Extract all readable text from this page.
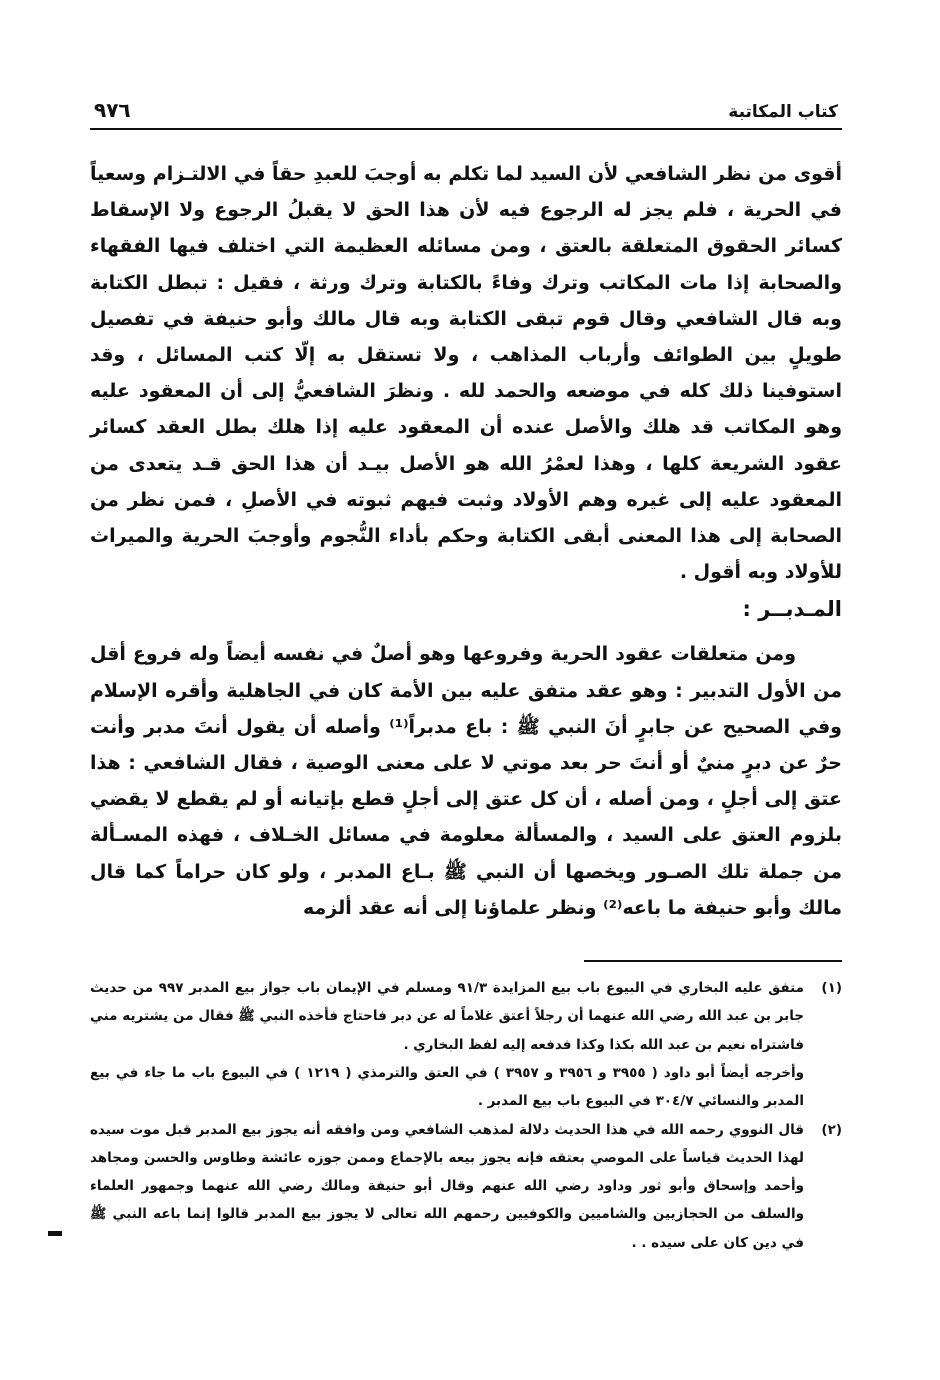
كتاب المكاتبة
٩٧٦

أقوى من نظر الشافعي لأن السيد لما تكلم به أوجبَ للعبدِ حقاً في الالتـزام وسعياً في الحرية ، فلم يجز له الرجوع فيه لأن هذا الحق لا يقبلُ الرجوع ولا الإسقاط كسائر الحقوق المتعلقة بالعتق ، ومن مسائله العظيمة التي اختلف فيها الفقهاء والصحابة إذا مات المكاتب وترك وفاءً بالكتابة وترك ورثة ، فقيل : تبطل الكتابة وبه قال الشافعي وقال قوم تبقى الكتابة وبه قال مالك وأبو حنيفة في تفصيل طويلٍ بين الطوائف وأرباب المذاهب ، ولا تستقل به إلّا كتب المسائل ، وقد استوفينا ذلك كله في موضعه والحمد لله . ونظرَ الشافعيُّ إلى أن المعقود عليه وهو المكاتب قد هلك والأصل عنده أن المعقود عليه إذا هلك بطل العقد كسائر عقود الشريعة كلها ، وهذا لعمْرُ الله هو الأصل بيـد أن هذا الحق قـد يتعدى من المعقود عليه إلى غيره وهم الأولاد وثبت فيهم ثبوته في الأصلِ ، فمن نظر من الصحابة إلى هذا المعنى أبقى الكتابة وحكم بأداء النُّجوم وأوجبَ الحرية والميراث للأولاد وبه أقول .

المـدبــر :

ومن متعلقات عقود الحرية وفروعها وهو أصلٌ في نفسه أيضاً وله فروع أقل من الأول التدبير : وهو عقد متفق عليه بين الأمة كان في الجاهلية وأقره الإسلام وفي الصحيح عن جابرٍ أنَ النبي ﷺ : باع مدبراً⁽¹⁾ وأصله أن يقول أنتَ مدبر وأنت حرٌ عن دبرٍ منيٌ أو أنتَ حر بعد موتي لا على معنى الوصية ، فقال الشافعي : هذا عتق إلى أجلٍ ، ومن أصله ، أن كل عتق إلى أجلٍ قطع بإتيانه أو لم يقطع لا يقضي بلزوم العتق على السيد ، والمسألة معلومة في مسائل الخـلاف ، فهذه المسـألة من جملة تلك الصـور ويخصها أن النبي ﷺ بـاع المدبر ، ولو كان حراماً كما قال مالك وأبو حنيفة ما باعه⁽²⁾ ونظر علماؤنا إلى أنه عقد ألزمه

(١)

متفق عليه البخاري في البيوع باب بيع المزايدة ٩١/٣ ومسلم في الإيمان باب جواز بيع المدبر ٩٩٧ من حديث جابر بن عبد الله رضي الله عنهما أن رجلاً أعتق غلاماً له عن دبر فاحتاج فأخذه النبي ﷺ فقال من يشتريه مني فاشتراه نعيم بن عبد الله بكذا وكذا فدفعه إليه لفظ البخاري .

وأخرجه أيضاً أبو داود ( ٣٩٥٥ و ٣٩٥٦ و ٣٩٥٧ ) في العتق والترمذي ( ١٢١٩ ) في البيوع باب ما جاء في بيع المدبر والنسائي ٣٠٤/٧ في البيوع باب بيع المدبر .

(٢)

قال النووي رحمه الله في هذا الحديث دلالة لمذهب الشافعي ومن وافقه أنه يجوز بيع المدبر قبل موت سيده لهذا الحديث قياساً على الموصي بعتقه فإنه يجوز بيعه بالإجماع وممن جوزه عائشة وطاوس والحسن ومجاهد وأحمد وإسحاق وأبو ثور وداود رضي الله عنهم وقال أبو حنيفة ومالك رضي الله عنهما وجمهور العلماء والسلف من الحجازيين والشاميين والكوفيين رحمهم الله تعالى لا يجوز بيع المدبر قالوا إنما باعه النبي ﷺ في دين كان على سيده . .
